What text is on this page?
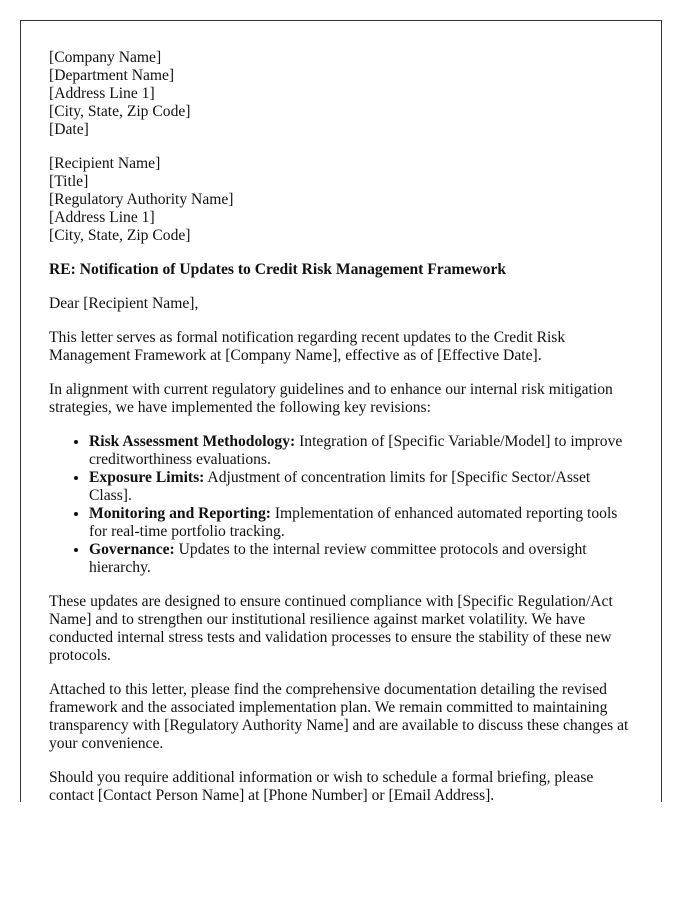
[Company Name]
[Department Name]
[Address Line 1]
[City, State, Zip Code]
[Date]
[Recipient Name]
[Title]
[Regulatory Authority Name]
[Address Line 1]
[City, State, Zip Code]
RE: Notification of Updates to Credit Risk Management Framework

Dear [Recipient Name],

This letter serves as formal notification regarding recent updates to the Credit Risk Management Framework at [Company Name], effective as of [Effective Date].

In alignment with current regulatory guidelines and to enhance our internal risk mitigation strategies, we have implemented the following key revisions:

• Risk Assessment Methodology: Integration of [Specific Variable/Model] to improve creditworthiness evaluations.
• Exposure Limits: Adjustment of concentration limits for [Specific Sector/Asset Class].
• Monitoring and Reporting: Implementation of enhanced automated reporting tools for real-time portfolio tracking.
• Governance: Updates to the internal review committee protocols and oversight hierarchy.

These updates are designed to ensure continued compliance with [Specific Regulation/Act Name] and to strengthen our institutional resilience against market volatility. We have conducted internal stress tests and validation processes to ensure the stability of these new protocols.

Attached to this letter, please find the comprehensive documentation detailing the revised framework and the associated implementation plan. We remain committed to maintaining transparency with [Regulatory Authority Name] and are available to discuss these changes at your convenience.

Should you require additional information or wish to schedule a formal briefing, please contact [Contact Person Name] at [Phone Number] or [Email Address].
